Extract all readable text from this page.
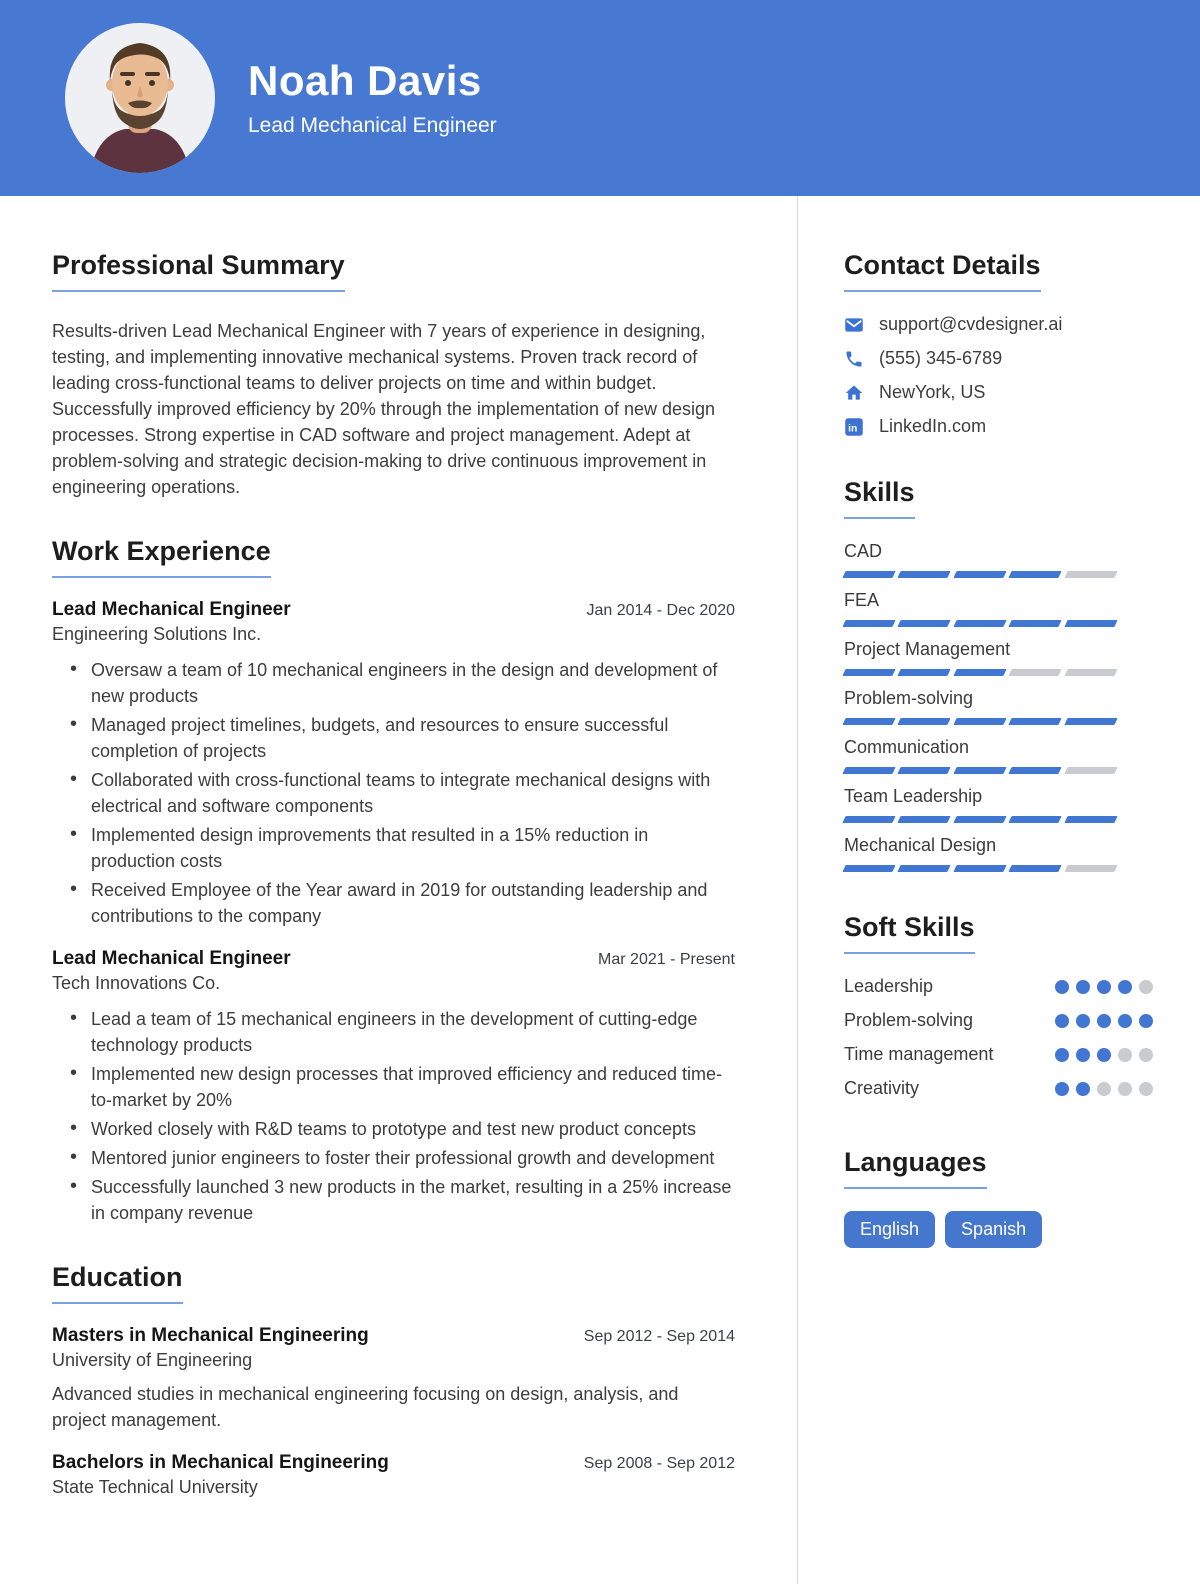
Noah Davis
Lead Mechanical Engineer
Professional Summary

Results-driven Lead Mechanical Engineer with 7 years of experience in designing, testing, and implementing innovative mechanical systems. Proven track record of leading cross-functional teams to deliver projects on time and within budget. Successfully improved efficiency by 20% through the implementation of new design processes. Strong expertise in CAD software and project management. Adept at problem-solving and strategic decision-making to drive continuous improvement in engineering operations.

Work Experience
Lead Mechanical Engineer	Jan 2014 - Dec 2020
Engineering Solutions Inc.
• Oversaw a team of 10 mechanical engineers in the design and development of new products
• Managed project timelines, budgets, and resources to ensure successful completion of projects
• Collaborated with cross-functional teams to integrate mechanical designs with electrical and software components
• Implemented design improvements that resulted in a 15% reduction in production costs
• Received Employee of the Year award in 2019 for outstanding leadership and contributions to the company
Lead Mechanical Engineer	Mar 2021 - Present
Tech Innovations Co.
• Lead a team of 15 mechanical engineers in the development of cutting-edge technology products
• Implemented new design processes that improved efficiency and reduced time-to-market by 20%
• Worked closely with R&D teams to prototype and test new product concepts
• Mentored junior engineers to foster their professional growth and development
• Successfully launched 3 new products in the market, resulting in a 25% increase in company revenue
Education
Masters in Mechanical Engineering	Sep 2012 - Sep 2014
University of Engineering

Advanced studies in mechanical engineering focusing on design, analysis, and project management.

Bachelors in Mechanical Engineering	Sep 2008 - Sep 2012
State Technical University
Contact Details
support@cvdesigner.ai
(555) 345-6789
NewYork, US
in LinkedIn.com
Skills
CAD
FEA
Project Management
Problem-solving
Communication
Team Leadership
Mechanical Design
Soft Skills
Leadership
Problem-solving
Time management
Creativity
Languages
English	Spanish
